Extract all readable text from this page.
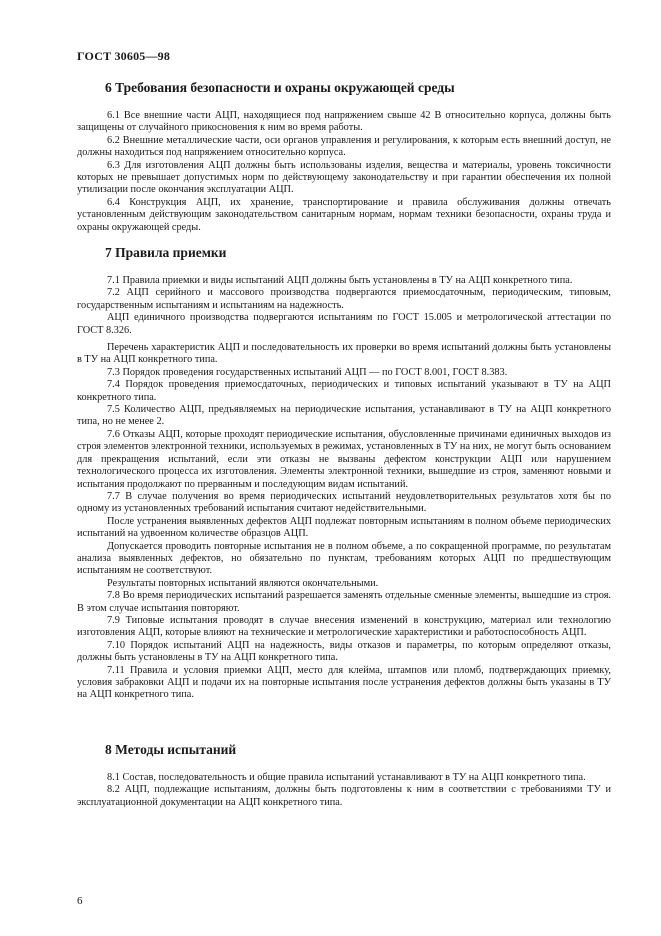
ГОСТ 30605—98
6 Требования безопасности и охраны окружающей среды

6.1 Все внешние части АЦП, находящиеся под напряжением свыше 42 В относительно корпуса, должны быть защищены от случайного прикосновения к ним во время работы.

6.2 Внешние металлические части, оси органов управления и регулирования, к которым есть внешний доступ, не должны находиться под напряжением относительно корпуса.

6.3 Для изготовления АЦП должны быть использованы изделия, вещества и материалы, уровень токсичности которых не превышает допустимых норм по действующему законодательству и при гарантии обеспечения их полной утилизации после окончания эксплуатации АЦП.

6.4 Конструкция АЦП, их хранение, транспортирование и правила обслуживания должны отвечать установленным действующим законодательством санитарным нормам, нормам техники безопасности, охраны труда и охраны окружающей среды.

7 Правила приемки

7.1 Правила приемки и виды испытаний АЦП должны быть установлены в ТУ на АЦП конкретного типа.

7.2 АЦП серийного и массового производства подвергаются приемосдаточным, периодическим, типовым, государственным испытаниям и испытаниям на надежность.

АЦП единичного производства подвергаются испытаниям по ГОСТ 15.005 и метрологической аттестации по ГОСТ 8.326.

Перечень характеристик АЦП и последовательность их проверки во время испытаний должны быть установлены в ТУ на АЦП конкретного типа.

7.3 Порядок проведения государственных испытаний АЦП — по ГОСТ 8.001, ГОСТ 8.383.

7.4 Порядок проведения приемосдаточных, периодических и типовых испытаний указывают в ТУ на АЦП конкретного типа.

7.5 Количество АЦП, предъявляемых на периодические испытания, устанавливают в ТУ на АЦП конкретного типа, но не менее 2.

7.6 Отказы АЦП, которые проходят периодические испытания, обусловленные причинами единичных выходов из строя элементов электронной техники, используемых в режимах, установленных в ТУ на них, не могут быть основанием для прекращения испытаний, если эти отказы не вызваны дефектом конструкции АЦП или нарушением технологического процесса их изготовления. Элементы электронной техники, вышедшие из строя, заменяют новыми и испытания продолжают по прерванным и последующим видам испытаний.

7.7 В случае получения во время периодических испытаний неудовлетворительных результатов хотя бы по одному из установленных требований испытания считают недействительными.

После устранения выявленных дефектов АЦП подлежат повторным испытаниям в полном объеме периодических испытаний на удвоенном количестве образцов АЦП.

Допускается проводить повторные испытания не в полном объеме, а по сокращенной программе, по результатам анализа выявленных дефектов, но обязательно по пунктам, требованиям которых АЦП по предшествующим испытаниям не соответствуют.

Результаты повторных испытаний являются окончательными.

7.8 Во время периодических испытаний разрешается заменять отдельные сменные элементы, вышедшие из строя. В этом случае испытания повторяют.

7.9 Типовые испытания проводят в случае внесения изменений в конструкцию, материал или технологию изготовления АЦП, которые влияют на технические и метрологические характеристики и работоспособность АЦП.

7.10 Порядок испытаний АЦП на надежность, виды отказов и параметры, по которым определяют отказы, должны быть установлены в ТУ на АЦП конкретного типа.

7.11 Правила и условия приемки АЦП, место для клейма, штампов или пломб, подтверждающих приемку, условия забраковки АЦП и подачи их на повторные испытания после устранения дефектов должны быть указаны в ТУ на АЦП конкретного типа.

8 Методы испытаний

8.1 Состав, последовательность и общие правила испытаний устанавливают в ТУ на АЦП конкретного типа.

8.2 АЦП, подлежащие испытаниям, должны быть подготовлены к ним в соответствии с требованиями ТУ и эксплуатационной документации на АЦП конкретного типа.

6
